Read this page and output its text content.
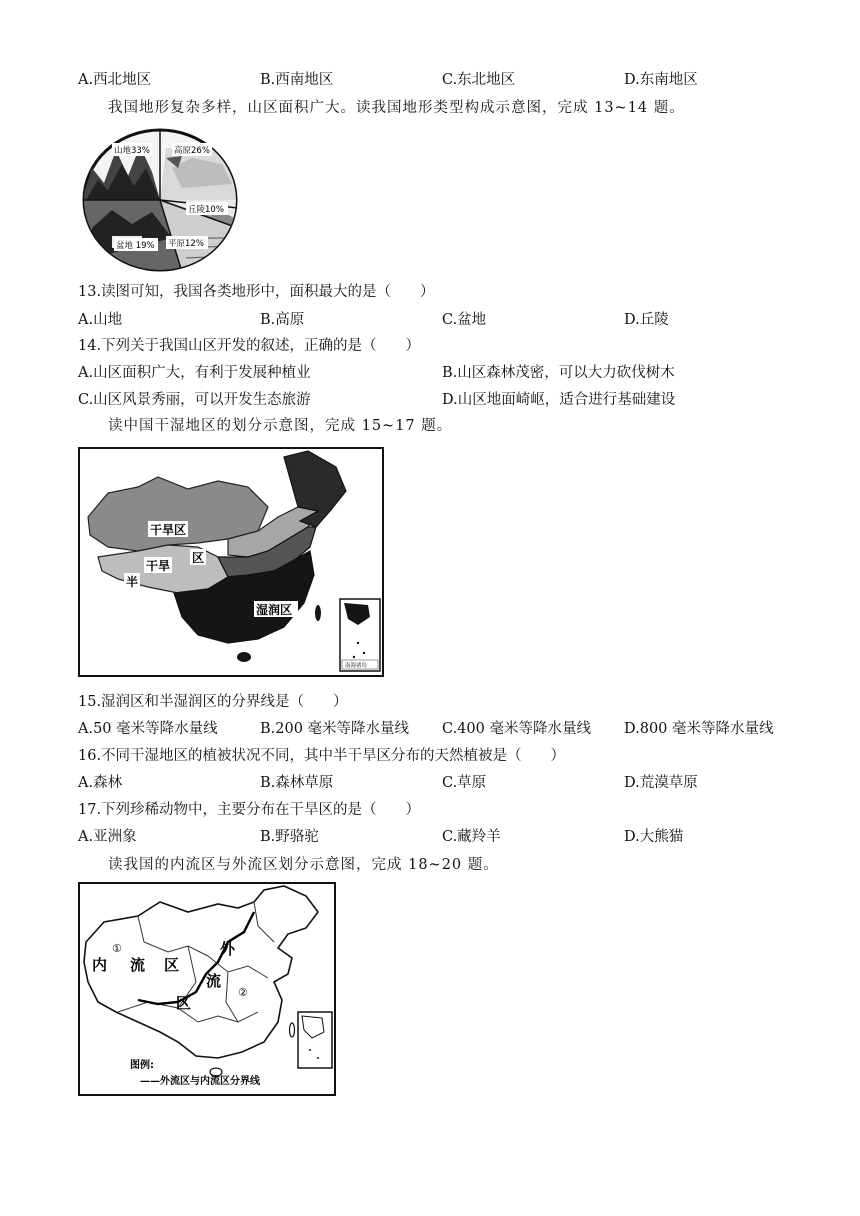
A.西北地区	B.西南地区	C.东北地区	D.东南地区
我国地形复杂多样，山区面积广大。读我国地形类型构成示意图，完成 13~14 题。
山地33%	高原26%
丘陵10%
平原12%
盆地 19%
13.读图可知，我国各类地形中，面积最大的是（　　）
A.山地	B.高原	C.盆地	D.丘陵
14.下列关于我国山区开发的叙述，正确的是（　　）
A.山区面积广大，有利于发展种植业	B.山区森林茂密，可以大力砍伐树木
C.山区风景秀丽，可以开发生态旅游	D.山区地面崎岖，适合进行基础建设
读中国干湿地区的划分示意图，完成 15~17 题。
南海诸岛
干旱区
半
干旱
区
湿润区
15.湿润区和半湿润区的分界线是（　　）
A.50 毫米等降水量线	B.200 毫米等降水量线 C.400 毫米等降水量线 D.800 毫米等降水量线
16.不同干湿地区的植被状况不同，其中半干旱区分布的天然植被是（　　）
A.森林	B.森林草原	C.草原	D.荒漠草原
17.下列珍稀动物中，主要分布在干旱区的是（　　）
A.亚洲象	B.野骆驼	C.藏羚羊	D.大熊猫
读我国的内流区与外流区划分示意图，完成 18~20 题。
①
内 流 区
外
流
区
②
图例:
——外流区与内流区分界线
